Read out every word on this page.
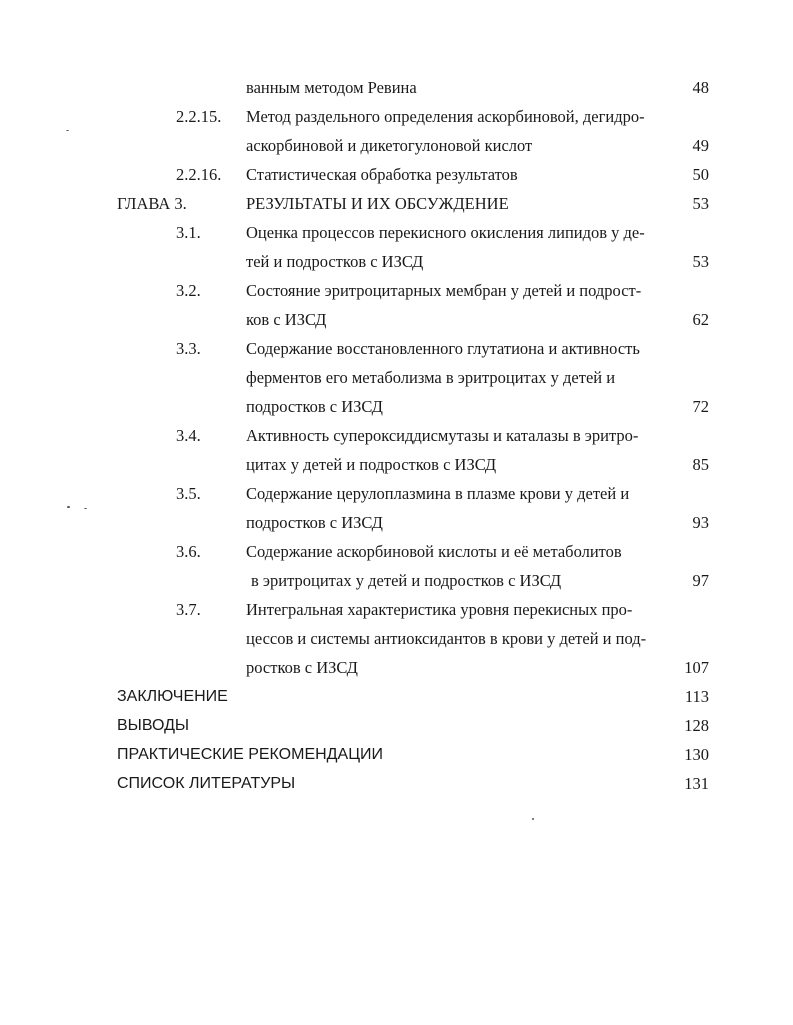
ванным методом Ревина	48
2.2.15. Метод раздельного определения аскорбиновой, дегидро-
аскорбиновой и дикетогулоновой кислот	49
2.2.16. Статистическая обработка результатов	50
ГЛАВА 3.	РЕЗУЛЬТАТЫ И ИХ ОБСУЖДЕНИЕ	53
3.1.	Оценка процессов перекисного окисления липидов у де-
тей и подростков с ИЗСД	53
3.2.	Состояние эритроцитарных мембран у детей и подрост-
ков с ИЗСД	62
3.3.	Содержание восстановленного глутатиона и активность
ферментов его метаболизма в эритроцитах у детей и
подростков с ИЗСД	72
3.4.	Активность супероксиддисмутазы и каталазы в эритро-
цитах у детей и подростков с ИЗСД	85
3.5.	Содержание церулоплазмина в плазме крови у детей и
подростков с ИЗСД	93
3.6.	Содержание аскорбиновой кислоты и её метаболитов
в эритроцитах у детей и подростков с ИЗСД	97
3.7.	Интегральная характеристика уровня перекисных про-
цессов и системы антиоксидантов в крови у детей и под-
ростков с ИЗСД	107
ЗАКЛЮЧЕНИЕ	113
ВЫВОДЫ	128
ПРАКТИЧЕСКИЕ РЕКОМЕНДАЦИИ	130
СПИСОК ЛИТЕРАТУРЫ	131
